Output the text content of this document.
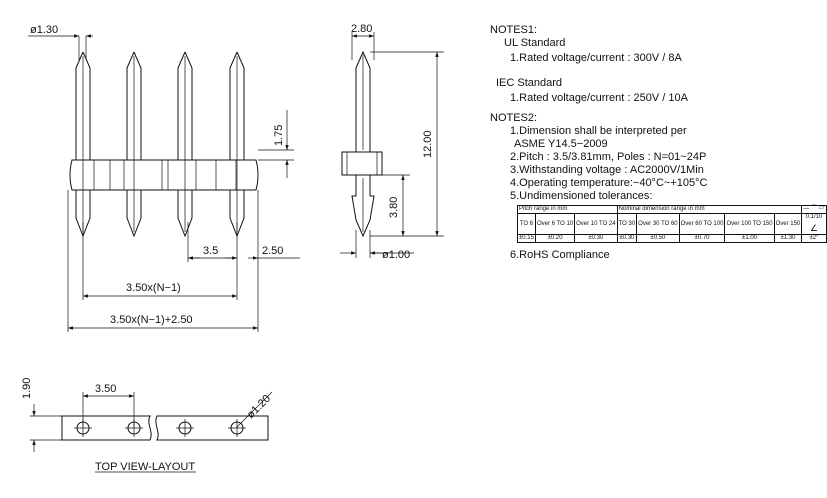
ø1.30
1.75
3.5	2.50
3.50x(N−1)
3.50x(N−1)+2.50
2.80
12.00
3.80
ø1.00
1.90	3.50
ø1.20
TOP VIEW-LAYOUT
NOTES1:
UL Standard
1.Rated voltage/current : 300V / 8A
IEC Standard
1.Rated voltage/current : 250V / 10A
NOTES2:
1.Dimension shall be interpreted per
ASME Y14.5−2009
2.Pitch : 3.5/3.81mm, Poles : N=01~24P
3.Withstanding voltage : AC2000V/1Min
4.Operating temperature:−40°C~+105°C
5.Undimensioned tolerances:
Pitch range in mm			Nominal dimension range in mm					— ⌒ ▱
TO 6	Over 6 TO 10	Over 10 TO 24	TO 30	Over 30 TO 60	Over 60 TO 100	Over 100 TO 150	Over 150	0.1/10
∠

±0.15	±0.20	±0.30	±0.30	±0.50	±0.70	±1.00	±1.30	±2°
6.RoHS Compliance
